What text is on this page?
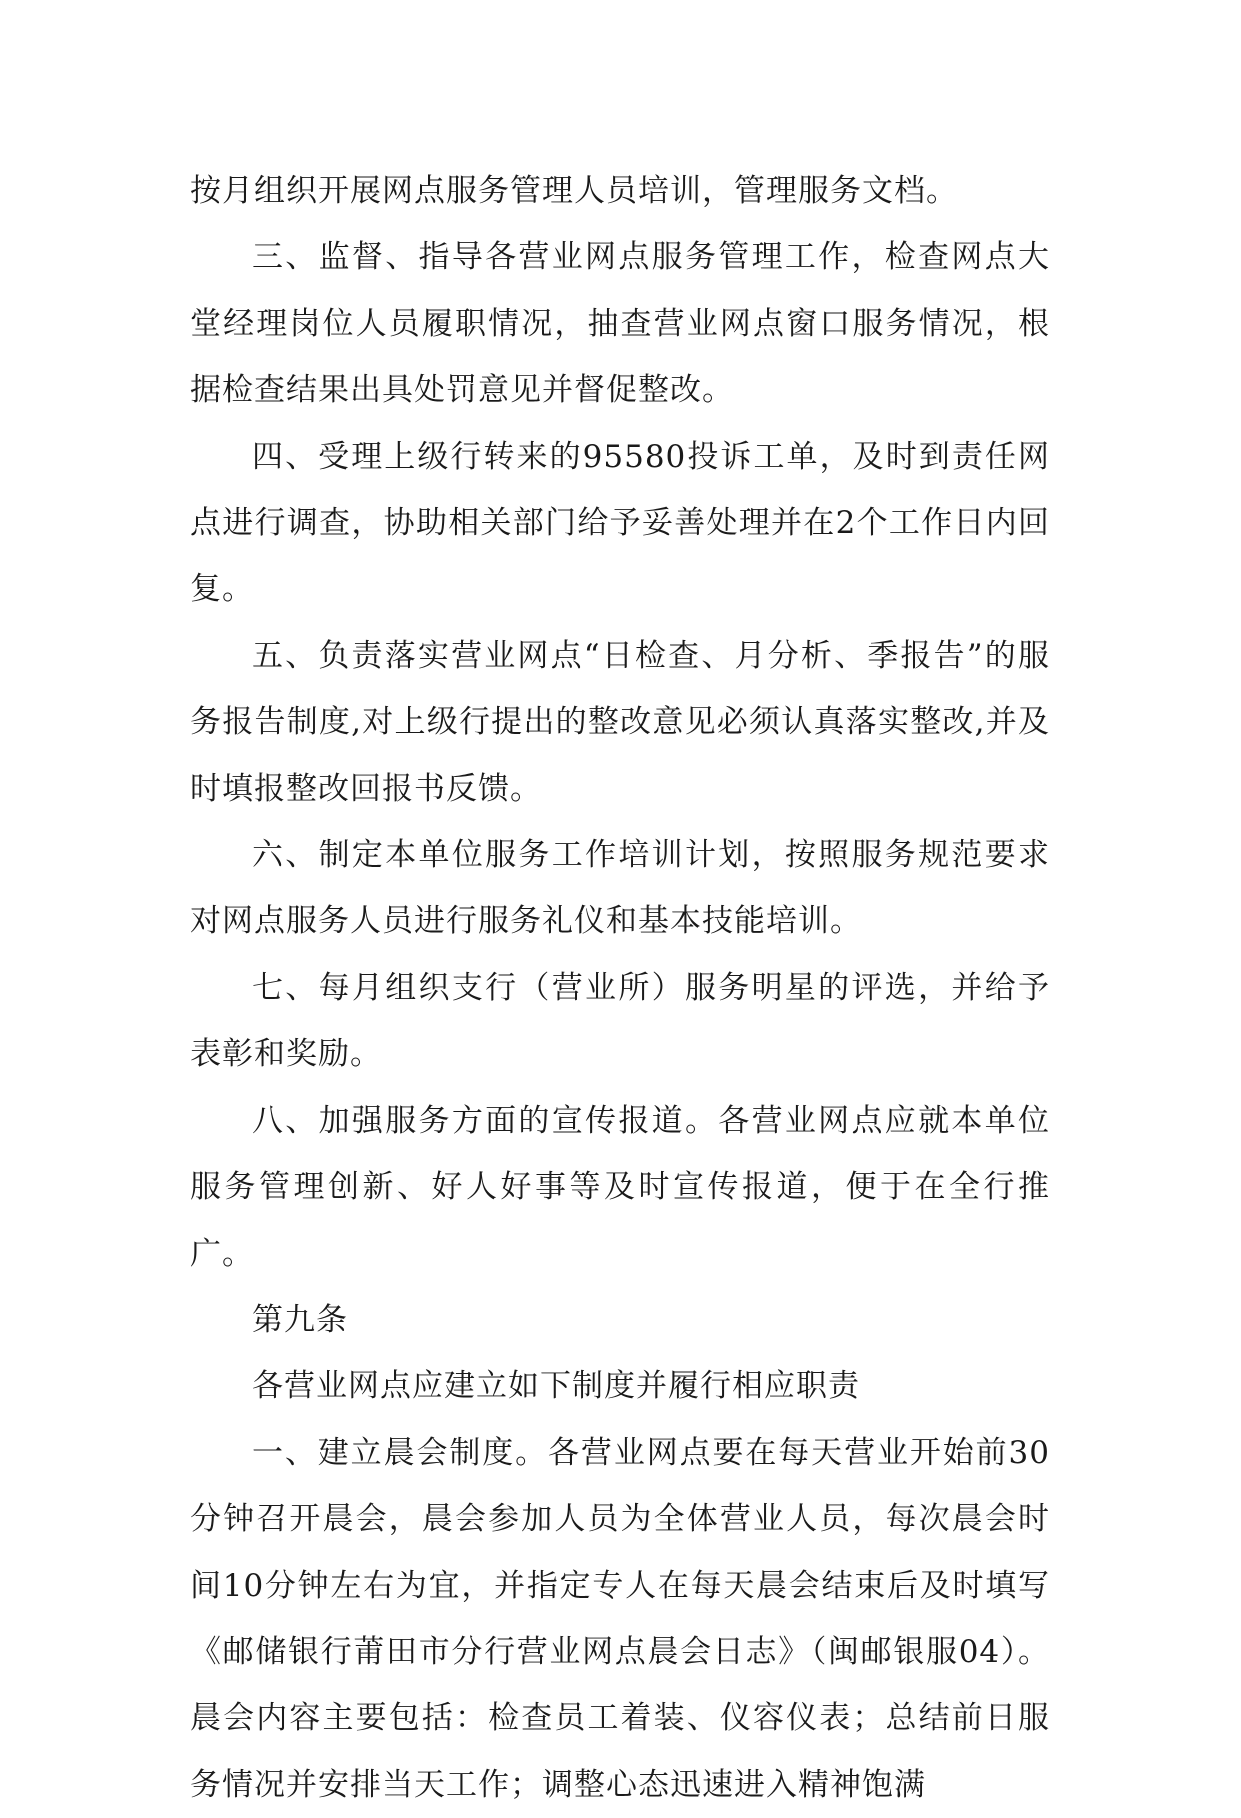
按月组织开展网点服务管理人员培训，管理服务文档。

三、监督、指导各营业网点服务管理工作，检查网点大堂经理岗位人员履职情况，抽查营业网点窗口服务情况，根据检查结果出具处罚意见并督促整改。

四、受理上级行转来的95580投诉工单，及时到责任网点进行调查，协助相关部门给予妥善处理并在2个工作日内回复。

五、负责落实营业网点“日检查、月分析、季报告”的服务报告制度,对上级行提出的整改意见必须认真落实整改,并及时填报整改回报书反馈。

六、制定本单位服务工作培训计划，按照服务规范要求对网点服务人员进行服务礼仪和基本技能培训。

七、每月组织支行（营业所）服务明星的评选，并给予表彰和奖励。

八、加强服务方面的宣传报道。各营业网点应就本单位服务管理创新、好人好事等及时宣传报道，便于在全行推广。

第九条

各营业网点应建立如下制度并履行相应职责

一、建立晨会制度。各营业网点要在每天营业开始前30分钟召开晨会，晨会参加人员为全体营业人员，每次晨会时间10分钟左右为宜，并指定专人在每天晨会结束后及时填写《邮储银行莆田市分行营业网点晨会日志》（闽邮银服04）。晨会内容主要包括：检查员工着装、仪容仪表；总结前日服务情况并安排当天工作；调整心态迅速进入精神饱满
